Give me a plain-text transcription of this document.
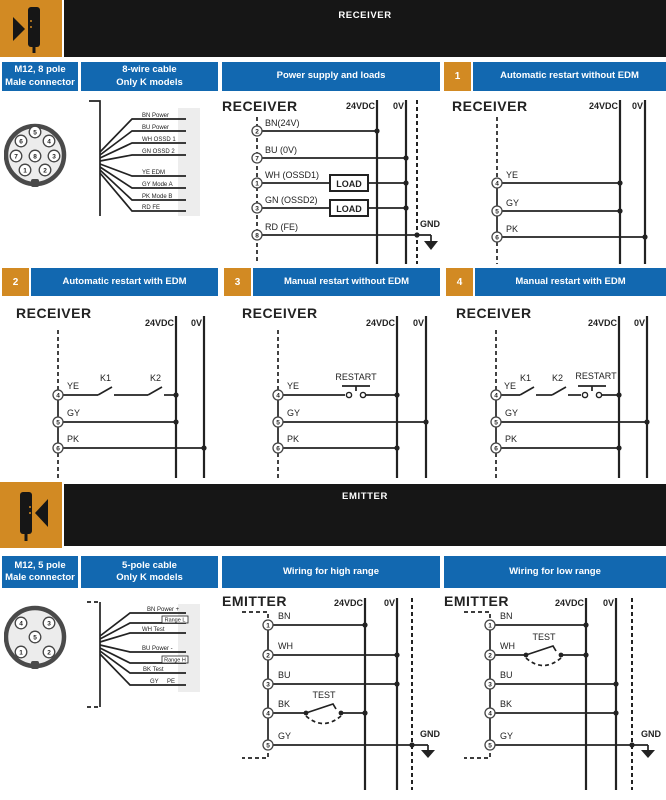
RECEIVER
M12, 8 pole
Male connector
8-wire cable
Only K models
Power supply and loads	1	Automatic restart without EDM
5
6	4
7 8 3
1	2
BN Power
BU Power
WH OSSD 1
GN OSSD 2
YE EDM
GY Mode A
PK Mode B
RD FE
RECEIVER	24VDC 0V
LOAD
LOAD
GND
BN(24V)
BU (0V)
WH (OSSD1)
GN (OSSD2)
RD (FE)
2
7
1
3
8
RECEIVER	24VDC 0V
YE
GY
PK
4
5
6
2	Automatic restart with EDM	3	Manual restart without EDM	4	Manual restart with EDM
RECEIVER
24VDC 0V
YE
K1	K2
GY
PK
4
5
6
RECEIVER
24VDC 0V
RESTART
YE
GY
PK
4
5
6
RECEIVER
24VDC 0V
RESTART
K1 K2
YE
GY
PK
4
5
6
EMITTER
M12, 5 pole
Male connector
5-pole cable
Only K models
Wiring for high range	Wiring for low range
4	3
5
1	2
BN Power +
Range L
WH Test
BU Power -
Range H
BK Test
GY PE
EMITTER	24VDC 0V
TEST
GND
BN
WH
BU
BK
GY
1
2
3
4
5
EMITTER	24VDC 0V
TEST
GND
BN
WH
BU
BK
GY
1
2
3
4
5
